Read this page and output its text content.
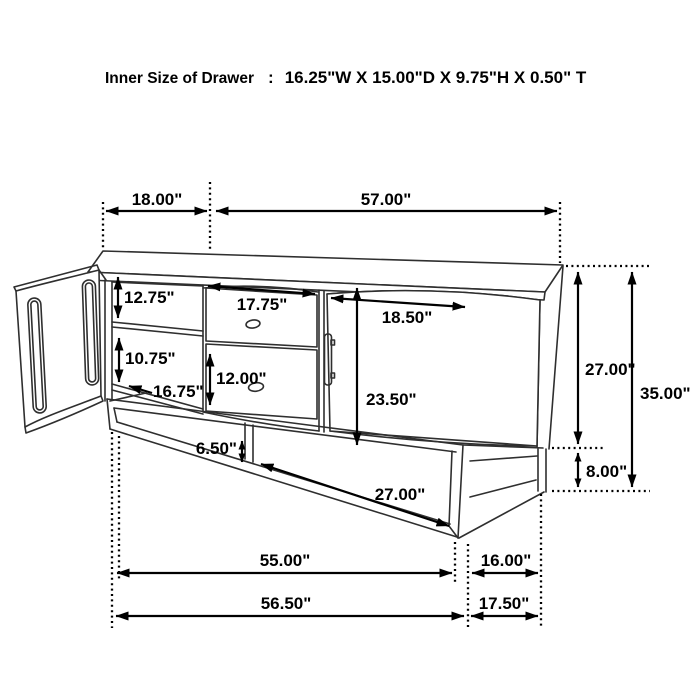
Inner Size of Drawer : 16.25"W X 15.00"D X 9.75"H X 0.50" T
18.00"	57.00"
12.75"
10.75"
16.75"
17.75"
12.00"
18.50"
23.50"
27.00"
35.00"
8.00"
6.50"
27.00"
55.00"	16.00"
56.50"	17.50"
